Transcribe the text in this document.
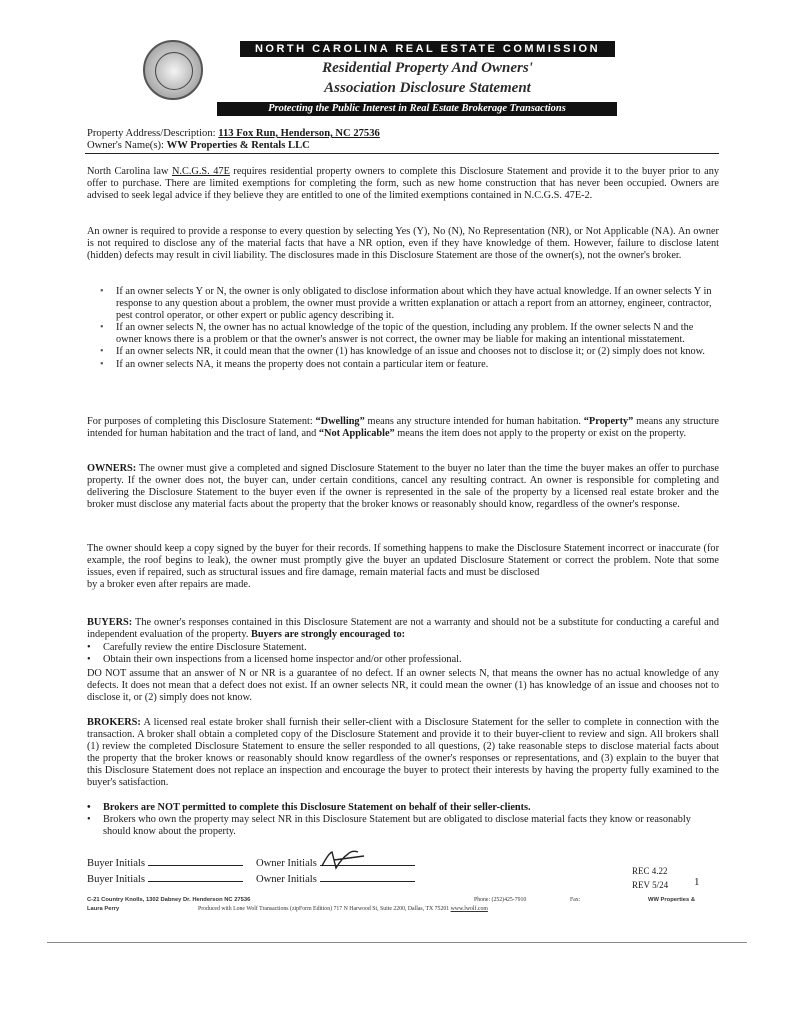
NORTH CAROLINA REAL ESTATE COMMISSION
Residential Property And Owners'
Association Disclosure Statement
Protecting the Public Interest in Real Estate Brokerage Transactions
Property Address/Description: 113 Fox Run, Henderson, NC 27536
Owner's Name(s): WW Properties & Rentals LLC

North Carolina law N.C.G.S. 47E requires residential property owners to complete this Disclosure Statement and provide it to the buyer prior to any offer to purchase. There are limited exemptions for completing the form, such as new home construction that has never been occupied. Owners are advised to seek legal advice if they believe they are entitled to one of the limited exemptions contained in N.C.G.S. 47E-2.

An owner is required to provide a response to every question by selecting Yes (Y), No (N), No Representation (NR), or Not Applicable (NA). An owner is not required to disclose any of the material facts that have a NR option, even if they have knowledge of them. However, failure to disclose latent (hidden) defects may result in civil liability. The disclosures made in this Disclosure Statement are those of the owner(s), not the owner's broker.

• If an owner selects Y or N, the owner is only obligated to disclose information about which they have actual knowledge. If an owner selects Y in response to any question about a problem, the owner must provide a written explanation or attach a report from an attorney, engineer, contractor, pest control operator, or other expert or public agency describing it.
• If an owner selects N, the owner has no actual knowledge of the topic of the question, including any problem. If the owner selects N and the owner knows there is a problem or that the owner's answer is not correct, the owner may be liable for making an intentional misstatement.
• If an owner selects NR, it could mean that the owner (1) has knowledge of an issue and chooses not to disclose it; or (2) simply does not know.
• If an owner selects NA, it means the property does not contain a particular item or feature.

For purposes of completing this Disclosure Statement: “Dwelling” means any structure intended for human habitation. “Property” means any structure intended for human habitation and the tract of land, and “Not Applicable” means the item does not apply to the property or exist on the property.

OWNERS: The owner must give a completed and signed Disclosure Statement to the buyer no later than the time the buyer makes an offer to purchase property. If the owner does not, the buyer can, under certain conditions, cancel any resulting contract. An owner is responsible for completing and delivering the Disclosure Statement to the buyer even if the owner is represented in the sale of the property by a licensed real estate broker and the broker must disclose any material facts about the property that the broker knows or reasonably should know, regardless of the owner's response.

The owner should keep a copy signed by the buyer for their records. If something happens to make the Disclosure Statement incorrect or inaccurate (for example, the roof begins to leak), the owner must promptly give the buyer an updated Disclosure Statement or correct the problem. Note that some issues, even if repaired, such as structural issues and fire damage, remain material facts and must be disclosed
by a broker even after repairs are made.

BUYERS: The owner's responses contained in this Disclosure Statement are not a warranty and should not be a substitute for conducting a careful and independent evaluation of the property. Buyers are strongly encouraged to:

• Carefully review the entire Disclosure Statement.
• Obtain their own inspections from a licensed home inspector and/or other professional.

DO NOT assume that an answer of N or NR is a guarantee of no defect. If an owner selects N, that means the owner has no actual knowledge of any defects. It does not mean that a defect does not exist. If an owner selects NR, it could mean the owner (1) has knowledge of an issue and chooses not to disclose it, or (2) simply does not know.

BROKERS: A licensed real estate broker shall furnish their seller-client with a Disclosure Statement for the seller to complete in connection with the transaction. A broker shall obtain a completed copy of the Disclosure Statement and provide it to their buyer-client to review and sign. All brokers shall (1) review the completed Disclosure Statement to ensure the seller responded to all questions, (2) take reasonable steps to disclose material facts about the property that the broker knows or reasonably should know regardless of the owner's responses or representations, and (3) explain to the buyer that this Disclosure Statement does not replace an inspection and encourage the buyer to protect their interests by having the property fully examined to the buyer's satisfaction.

• Brokers are NOT permitted to complete this Disclosure Statement on behalf of their seller-clients.
• Brokers who own the property may select NR in this Disclosure Statement but are obligated to disclose material facts they know or reasonably should know about the property.
Buyer Initials	Owner Initials
Buyer Initials	Owner Initials
REC 4.22
REV 5/24 1
C-21 Country Knolls, 1302 Dabney Dr. Henderson NC 27536	Phone: (252)425-7910	Fax:	WW Properties &
Laura Perry	Produced with Lone Wolf Transactions (zipForm Edition) 717 N Harwood St, Suite 2200, Dallas, TX 75201 www.lwolf.com
